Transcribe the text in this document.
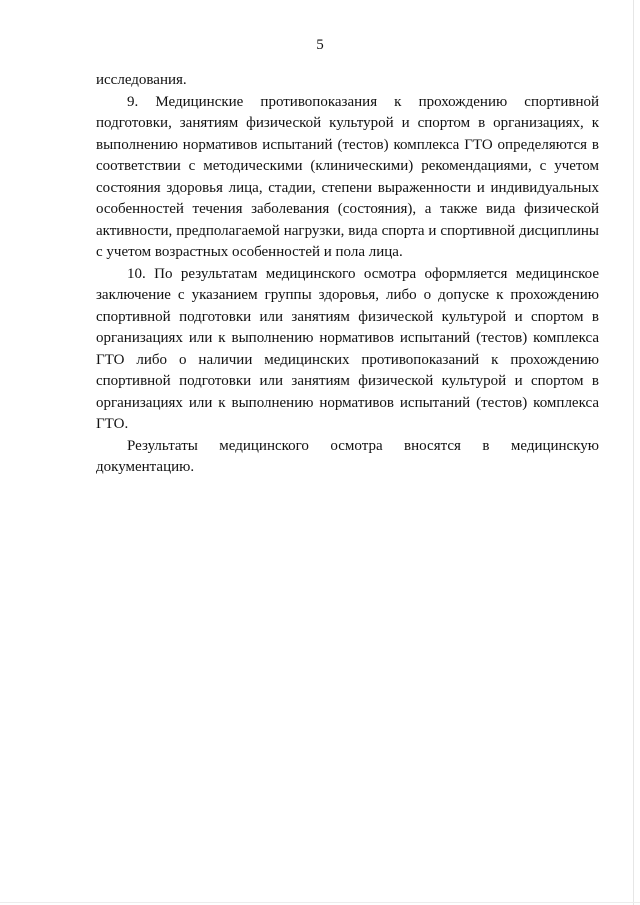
5

исследования.

9. Медицинские противопоказания к прохождению спортивной подготовки, занятиям физической культурой и спортом в организациях, к выполнению нормативов испытаний (тестов) комплекса ГТО определяются в соответствии с методическими (клиническими) рекомендациями, с учетом состояния здоровья лица, стадии, степени выраженности и индивидуальных особенностей течения заболевания (состояния), а также вида физической активности, предполагаемой нагрузки, вида спорта и спортивной дисциплины с учетом возрастных особенностей и пола лица.

10. По результатам медицинского осмотра оформляется медицинское заключение с указанием группы здоровья, либо о допуске к прохождению спортивной подготовки или занятиям физической культурой и спортом в организациях или к выполнению нормативов испытаний (тестов) комплекса ГТО либо о наличии медицинских противопоказаний к прохождению спортивной подготовки или занятиям физической культурой и спортом в организациях или к выполнению нормативов испытаний (тестов) комплекса ГТО.

Результаты медицинского осмотра вносятся в медицинскую документацию.
